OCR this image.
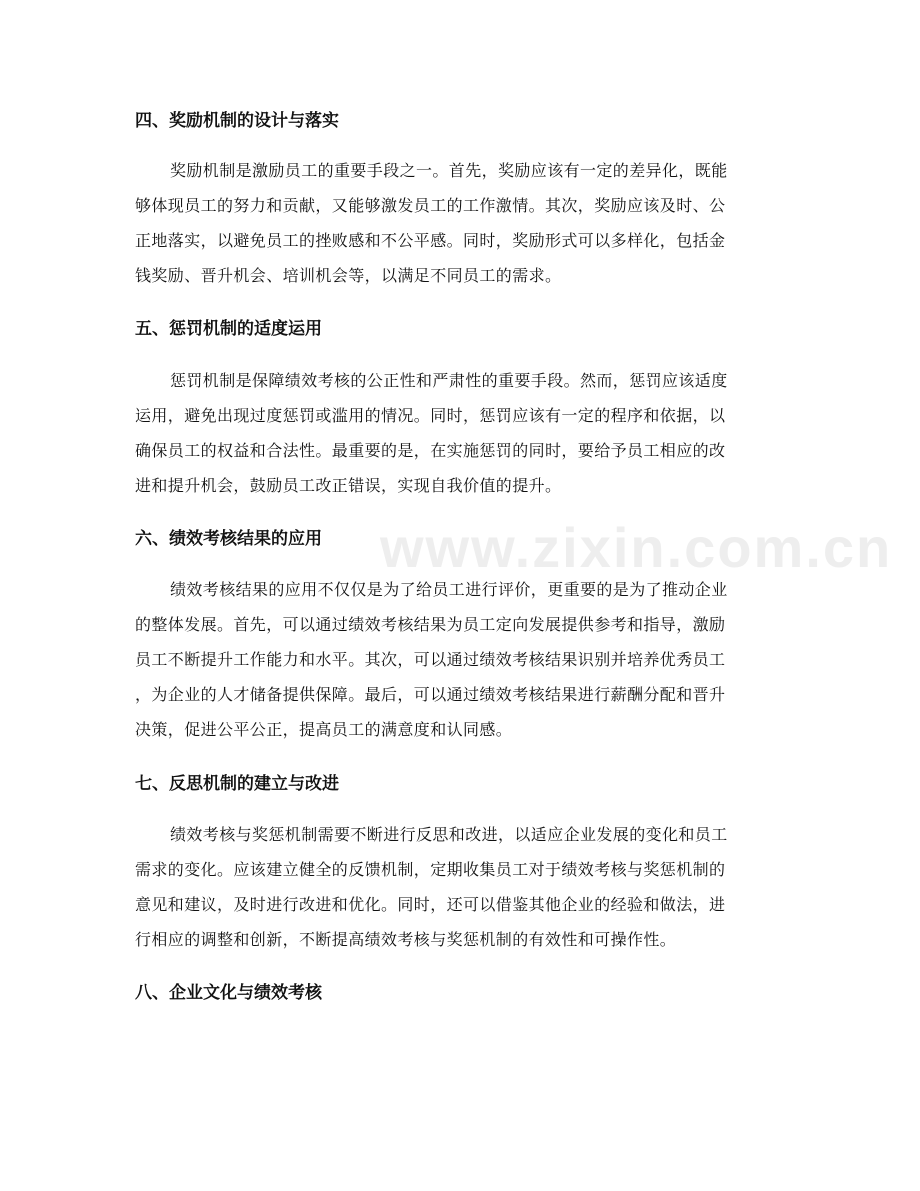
www.zixin.com.cn
四、奖励机制的设计与落实
奖励机制是激励员工的重要手段之一。首先，奖励应该有一定的差异化，既能
够体现员工的努力和贡献，又能够激发员工的工作激情。其次，奖励应该及时、公
正地落实，以避免员工的挫败感和不公平感。同时，奖励形式可以多样化，包括金
钱奖励、晋升机会、培训机会等，以满足不同员工的需求。
五、惩罚机制的适度运用
惩罚机制是保障绩效考核的公正性和严肃性的重要手段。然而，惩罚应该适度
运用，避免出现过度惩罚或滥用的情况。同时，惩罚应该有一定的程序和依据，以
确保员工的权益和合法性。最重要的是，在实施惩罚的同时，要给予员工相应的改
进和提升机会，鼓励员工改正错误，实现自我价值的提升。
六、绩效考核结果的应用
绩效考核结果的应用不仅仅是为了给员工进行评价，更重要的是为了推动企业
的整体发展。首先，可以通过绩效考核结果为员工定向发展提供参考和指导，激励
员工不断提升工作能力和水平。其次，可以通过绩效考核结果识别并培养优秀员工
，为企业的人才储备提供保障。最后，可以通过绩效考核结果进行薪酬分配和晋升
决策，促进公平公正，提高员工的满意度和认同感。
七、反思机制的建立与改进
绩效考核与奖惩机制需要不断进行反思和改进，以适应企业发展的变化和员工
需求的变化。应该建立健全的反馈机制，定期收集员工对于绩效考核与奖惩机制的
意见和建议，及时进行改进和优化。同时，还可以借鉴其他企业的经验和做法，进
行相应的调整和创新，不断提高绩效考核与奖惩机制的有效性和可操作性。
八、企业文化与绩效考核
